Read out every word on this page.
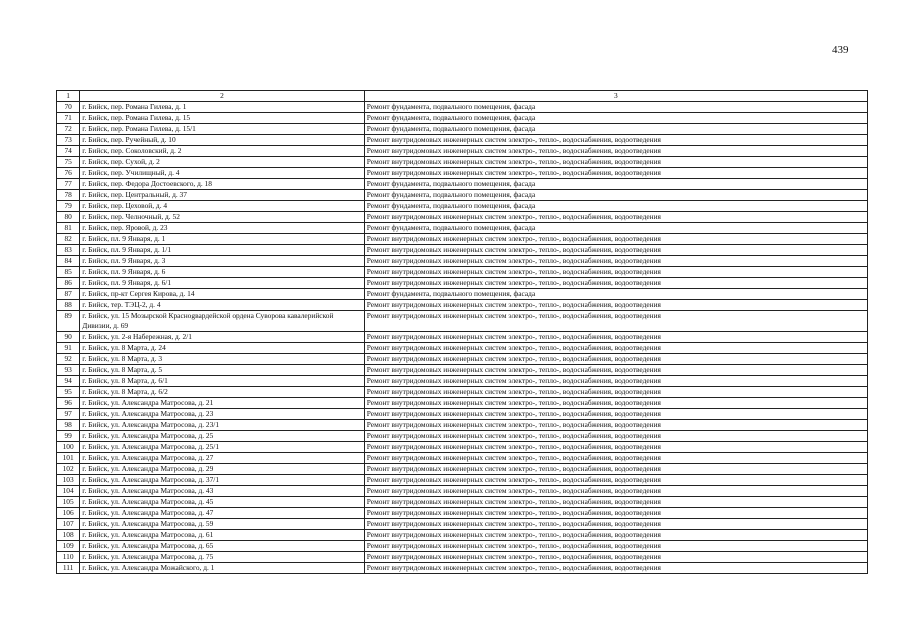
439
1	2	3
70	г. Бийск, пер. Романа Гилева, д. 1	Ремонт фундамента, подвального помещения, фасада
71	г. Бийск, пер. Романа Гилева, д. 15	Ремонт фундамента, подвального помещения, фасада
72	г. Бийск, пер. Романа Гилева, д. 15/1	Ремонт фундамента, подвального помещения, фасада
73	г. Бийск, пер. Ручейный, д. 10	Ремонт внутридомовых инженерных систем электро-, тепло-, водоснабжения, водоотведения
74	г. Бийск, пер. Соколовский, д. 2	Ремонт внутридомовых инженерных систем электро-, тепло-, водоснабжения, водоотведения
75	г. Бийск, пер. Сухой, д. 2	Ремонт внутридомовых инженерных систем электро-, тепло-, водоснабжения, водоотведения
76	г. Бийск, пер. Училищный, д. 4	Ремонт внутридомовых инженерных систем электро-, тепло-, водоснабжения, водоотведения
77	г. Бийск, пер. Федора Достоевского, д. 18	Ремонт фундамента, подвального помещения, фасада
78	г. Бийск, пер. Центральный, д. 37	Ремонт фундамента, подвального помещения, фасада
79	г. Бийск, пер. Цеховой, д. 4	Ремонт фундамента, подвального помещения, фасада
80	г. Бийск, пер. Челночный, д. 52	Ремонт внутридомовых инженерных систем электро-, тепло-, водоснабжения, водоотведения
81	г. Бийск, пер. Яровой, д. 23	Ремонт фундамента, подвального помещения, фасада
82	г. Бийск, пл. 9 Января, д. 1	Ремонт внутридомовых инженерных систем электро-, тепло-, водоснабжения, водоотведения
83	г. Бийск, пл. 9 Января, д. 1/1	Ремонт внутридомовых инженерных систем электро-, тепло-, водоснабжения, водоотведения
84	г. Бийск, пл. 9 Января, д. 3	Ремонт внутридомовых инженерных систем электро-, тепло-, водоснабжения, водоотведения
85	г. Бийск, пл. 9 Января, д. 6	Ремонт внутридомовых инженерных систем электро-, тепло-, водоснабжения, водоотведения
86	г. Бийск, пл. 9 Января, д. 6/1	Ремонт внутридомовых инженерных систем электро-, тепло-, водоснабжения, водоотведения
87	г. Бийск, пр-кт Сергея Кирова, д. 14	Ремонт фундамента, подвального помещения, фасада
88	г. Бийск, тер. ТЭЦ-2, д. 4	Ремонт внутридомовых инженерных систем электро-, тепло-, водоснабжения, водоотведения
89	г. Бийск, ул. 15 Мозырской Краснogвардейской ордена Суворова кавалерийской Дивизии, д. 69	Ремонт внутридомовых инженерных систем электро-, тепло-, водоснабжения, водоотведения
90	г. Бийск, ул. 2-я Набережная, д. 2/1	Ремонт внутридомовых инженерных систем электро-, тепло-, водоснабжения, водоотведения
91	г. Бийск, ул. 8 Марта, д. 24	Ремонт внутридомовых инженерных систем электро-, тепло-, водоснабжения, водоотведения
92	г. Бийск, ул. 8 Марта, д. 3	Ремонт внутридомовых инженерных систем электро-, тепло-, водоснабжения, водоотведения
93	г. Бийск, ул. 8 Марта, д. 5	Ремонт внутридомовых инженерных систем электро-, тепло-, водоснабжения, водоотведения
94	г. Бийск, ул. 8 Марта, д. 6/1	Ремонт внутридомовых инженерных систем электро-, тепло-, водоснабжения, водоотведения
95	г. Бийск, ул. 8 Марта, д. 6/2	Ремонт внутридомовых инженерных систем электро-, тепло-, водоснабжения, водоотведения
96	г. Бийск, ул. Александра Матросова, д. 21	Ремонт внутридомовых инженерных систем электро-, тепло-, водоснабжения, водоотведения
97	г. Бийск, ул. Александра Матросова, д. 23	Ремонт внутридомовых инженерных систем электро-, тепло-, водоснабжения, водоотведения
98	г. Бийск, ул. Александра Матросова, д. 23/1	Ремонт внутридомовых инженерных систем электро-, тепло-, водоснабжения, водоотведения
99	г. Бийск, ул. Александра Матросова, д. 25	Ремонт внутридомовых инженерных систем электро-, тепло-, водоснабжения, водоотведения
100	г. Бийск, ул. Александра Матросова, д. 25/1	Ремонт внутридомовых инженерных систем электро-, тепло-, водоснабжения, водоотведения
101	г. Бийск, ул. Александра Матросова, д. 27	Ремонт внутридомовых инженерных систем электро-, тепло-, водоснабжения, водоотведения
102	г. Бийск, ул. Александра Матросова, д. 29	Ремонт внутридомовых инженерных систем электро-, тепло-, водоснабжения, водоотведения
103	г. Бийск, ул. Александра Матросова, д. 37/1	Ремонт внутридомовых инженерных систем электро-, тепло-, водоснабжения, водоотведения
104	г. Бийск, ул. Александра Матросова, д. 43	Ремонт внутридомовых инженерных систем электро-, тепло-, водоснабжения, водоотведения
105	г. Бийск, ул. Александра Матросова, д. 45	Ремонт внутридомовых инженерных систем электро-, тепло-, водоснабжения, водоотведения
106	г. Бийск, ул. Александра Матросова, д. 47	Ремонт внутридомовых инженерных систем электро-, тепло-, водоснабжения, водоотведения
107	г. Бийск, ул. Александра Матросова, д. 59	Ремонт внутридомовых инженерных систем электро-, тепло-, водоснабжения, водоотведения
108	г. Бийск, ул. Александра Матросова, д. 61	Ремонт внутридомовых инженерных систем электро-, тепло-, водоснабжения, водоотведения
109	г. Бийск, ул. Александра Матросова, д. 65	Ремонт внутридомовых инженерных систем электро-, тепло-, водоснабжения, водоотведения
110	г. Бийск, ул. Александра Матросова, д. 75	Ремонт внутридомовых инженерных систем электро-, тепло-, водоснабжения, водоотведения
111	г. Бийск, ул. Александра Можайского, д. 1	Ремонт внутридомовых инженерных систем электро-, тепло-, водоснабжения, водоотведения
